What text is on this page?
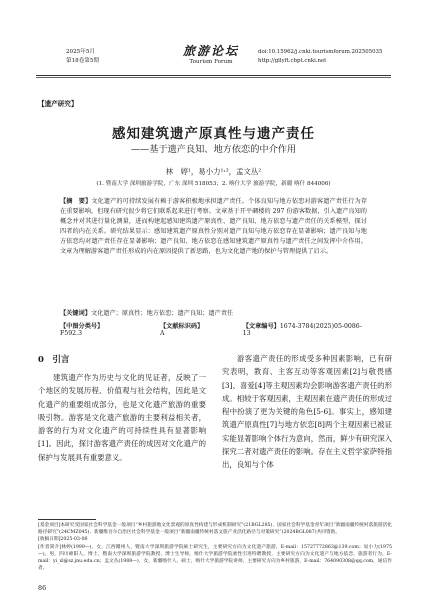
2025年5月
第18卷第5期
旅游论坛
Tourism Forum
doi:10.15962/j.cnki.tourismforum.202505035
http://gllyft.cbpt.cnki.net
【遗产研究】
感知建筑遗产原真性与遗产责任
——基于遗产良知、地方依恋的中介作用
林　婷¹，易小力¹˒²，孟文丛²
(1. 暨南大学 深圳旅游学院，广东 深圳 518053；2. 喀什大学 旅游学院，新疆 喀什 844006)
【摘　要】文化遗产的可持续发展有赖于游客积极地承担遗产责任。个体良知与地方依恋对游客遗产责任行为存在重要影响，但现有研究很少将它们联系起来进行考察。文章基于开平碉楼的 297 份游客数据，引入遗产良知的概念并对其进行量化测量，进而构建起感知建筑遗产原真性、遗产良知、地方依恋与遗产责任的关系模型，探讨四者的内在关系。研究结果显示：感知建筑遗产原真性分别对遗产良知与地方依恋存在显著影响；遗产良知与地方依恋均对遗产责任存在显著影响；遗产良知、地方依恋在感知建筑遗产原真性与遗产责任之间发挥中介作用。文章为理解游客遗产责任形成的内在原因提供了新思路，也为文化遗产地的保护与管理提供了启示。
【关键词】文化遗产；原真性；地方依恋；遗产良知；遗产责任
【中图分类号】F592.3
【文献标识码】A
【文章编号】1674-3784(2025)05-0086-13
0　引言
建筑遗产作为历史与文化的见证者，反映了一个地区的发展历程、价值观与社会结构，因此是文化遗产的重要组成部分，也是文化遗产旅游的重要吸引物。游客是文化遗产旅游的主要利益相关者，游客的行为对文化遗产的可持续性具有显著影响[1]。因此，探讨游客遗产责任的成因对文化遗产的保护与发展具有重要意义。
游客遗产责任的形成受多种因素影响，已有研究表明，教育、主客互动等客观因素[2]与敬畏感[3]、喜爱[4]等主观因素均会影响游客遗产责任的形成。相较于客观因素，主观因素在遗产责任的形成过程中扮演了更为关键的角色[5-6]。事实上，感知建筑遗产原真性[7]与地方依恋[8]两个主观因素已被证实能显著影响个体行为意向，然而，鲜少有研究深入探究二者对遗产责任的影响。存在主义哲学家萨特指出，良知与个体

[基金项目]本研究受国家社会科学基金一般项目“乡村旅游地文化景观的原真性构建与形成机制研究”(21BGL285)、国家社会科学基金青年项目“新疆南疆传统村落旅游活化路径研究”(24CMZ045)、新疆维吾尔自治区社会科学基金一般项目“新疆南疆传统村落文旅产业活化路径与对策研究”(2024BGL087)共同资助。

[收稿日期]2025-03-06

[作者简介]林婷(1999—)，女，江西赣州人，暨南大学深圳旅游学院硕士研究生，主要研究方向为文化遗产旅游，E-mail：15727772863@139.com；易小力(1975—)，男，四川绵阳人，博士，暨南大学深圳旅游学院教授、博士生导师，喀什大学旅游学院柔性引进特聘教授，主要研究方向为文化遗产与地方依恋、旅游者行为，E-mail：yi_xl@sz.jnu.edu.cn；孟文丛(1988—)，女，新疆喀什人，硕士，喀什大学旅游学院讲师，主要研究方向为乡村旅游，E-mail：764090308@qq.com，通信作者。

86
